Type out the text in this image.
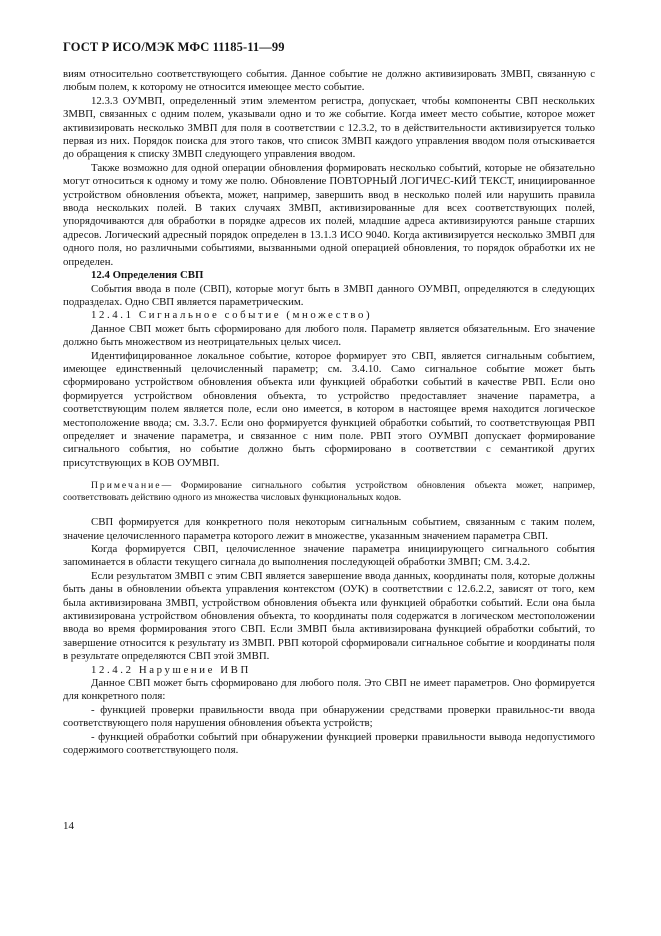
ГОСТ Р ИСО/МЭК МФС 11185-11—99

виям относительно соответствующего события. Данное событие не должно активизировать ЗМВП, связанную с любым полем, к которому не относится имеющее место событие.

12.3.3 ОУМВП, определенный этим элементом регистра, допускает, чтобы компоненты СВП нескольких ЗМВП, связанных с одним полем, указывали одно и то же событие. Когда имеет место событие, которое может активизировать несколько ЗМВП для поля в соответствии с 12.3.2, то в действительности активизируется только первая из них. Порядок поиска для этого таков, что список ЗМВП каждого управления вводом поля отыскивается до обращения к списку ЗМВП следующего управления вводом.

Также возможно для одной операции обновления формировать несколько событий, которые не обязательно могут относиться к одному и тому же полю. Обновление ПОВТОРНЫЙ ЛОГИЧЕС-КИЙ ТЕКСТ, инициированное устройством обновления объекта, может, например, завершить ввод в несколько полей или нарушить правила ввода нескольких полей. В таких случаях ЗМВП, активизированные для всех соответствующих полей, упорядочиваются для обработки в порядке адресов их полей, младшие адреса активизируются раньше старших адресов. Логический адресный порядок определен в 13.1.3 ИСО 9040. Когда активизируется несколько ЗМВП для одного поля, но различными событиями, вызванными одной операцией обновления, то порядок обработки их не определен.

12.4 Определения СВП

События ввода в поле (СВП), которые могут быть в ЗМВП данного ОУМВП, определяются в следующих подразделах. Одно СВП является параметрическим.

12.4.1 Сигнальное событие (множество)

Данное СВП может быть сформировано для любого поля. Параметр является обязательным. Его значение должно быть множеством из неотрицательных целых чисел.

Идентифицированное локальное событие, которое формирует это СВП, является сигнальным событием, имеющее единственный целочисленный параметр; см. 3.4.10. Само сигнальное событие может быть сформировано устройством обновления объекта или функцией обработки событий в качестве РВП. Если оно формируется устройством обновления объекта, то устройство предоставляет значение параметра, а соответствующим полем является поле, если оно имеется, в котором в настоящее время находится логическое местоположение ввода; см. 3.3.7. Если оно формируется функцией обработки событий, то соответствующая РВП определяет и значение параметра, и связанное с ним поле. РВП этого ОУМВП допускает формирование сигнального события, но событие должно быть сформировано в соответствии с семантикой других присутствующих в КОВ ОУМВП.

Примечание— Формирование сигнального события устройством обновления объекта может, например, соответствовать действию одного из множества числовых функциональных кодов.

СВП формируется для конкретного поля некоторым сигнальным событием, связанным с таким полем, значение целочисленного параметра которого лежит в множестве, указанным значением параметра СВП.

Когда формируется СВП, целочисленное значение параметра инициирующего сигнального события запоминается в области текущего сигнала до выполнения последующей обработки ЗМВП; СМ. 3.4.2.

Если результатом ЗМВП с этим СВП является завершение ввода данных, координаты поля, которые должны быть даны в обновлении объекта управления контекстом (ОУК) в соответствии с 12.6.2.2, зависят от того, кем была активизирована ЗМВП, устройством обновления объекта или функцией обработки событий. Если она была активизирована устройством обновления объекта, то координаты поля содержатся в логическом местоположении ввода во время формирования этого СВП. Если ЗМВП была активизирована функцией обработки событий, то завершение относится к результату из ЗМВП. РВП которой сформировали сигнальное событие и координаты поля в результате определяются СВП этой ЗМВП.

12.4.2 Нарушение ИВП

Данное СВП может быть сформировано для любого поля. Это СВП не имеет параметров. Оно формируется для конкретного поля:

- функцией проверки правильности ввода при обнаружении средствами проверки правильнос-ти ввода соответствующего поля нарушения обновления объекта устройств;

- функцией обработки событий при обнаружении функцией проверки правильности вывода недопустимого содержимого соответствующего поля.

14
